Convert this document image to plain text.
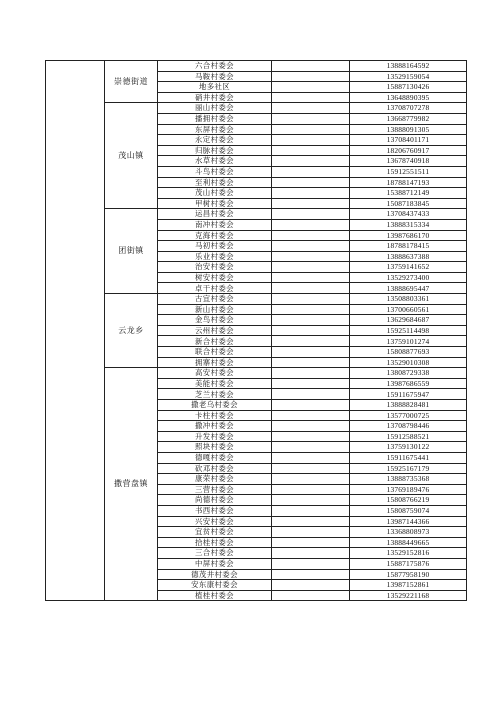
	崇德街道	六合村委会		13888164592
		马鞍村委会		13529159054
		地多社区		15887130426
		硝井村委会		13648890395
	茂山镇	丽山村委会		13708707278
		播拥村委会		13668779982
		东屏村委会		13888091305
		永定村委会		13708401171
		归脉村委会		18206760917
		水草村委会		13678740918
		斗鸟村委会		15912551511
		至利村委会		18788147193
		茂山村委会		15388712149
		甲树村委会		15087183845
	团街镇	运昌村委会		13708437433
		南冲村委会		13888315334
		克海村委会		13987686170
		马初村委会		18788178415
		乐业村委会		13888637388
		治安村委会		13759141652
		树安村委会		13529273400
		卓干村委会		13888695447
	云龙乡	古宜村委会		13508803361
		新山村委会		13700660561
		金鸟村委会		13629684687
		云州村委会		15925114498
		新合村委会		13759101274
		联合村委会		15808877693
		拥寨村委会		13529010308
	撒营盘镇	高安村委会		13808729338
		美能村委会		13987686559
		芝兰村委会		15911675947
		撒老乌村委会		13888828481
		卡柱村委会		13577000725
		撒冲村委会		13708798446
		升发村委会		15912588521
		照块村委会		13759130122
		德嘎村委会		15911675441
		砍邓村委会		15925167179
		康荣村委会		13888735368
		三营村委会		13769189476
		尚德村委会		15808766219
		书西村委会		15808759074
		兴安村委会		13987144366
		宜贫村委会		13368808973
		拾桂村委会		13888449665
		三合村委会		13529152816
		中屏村委会		15887175876
		德茂井村委会		15877958190
		安东康村委会		13987152861
		植桂村委会		13529221168
